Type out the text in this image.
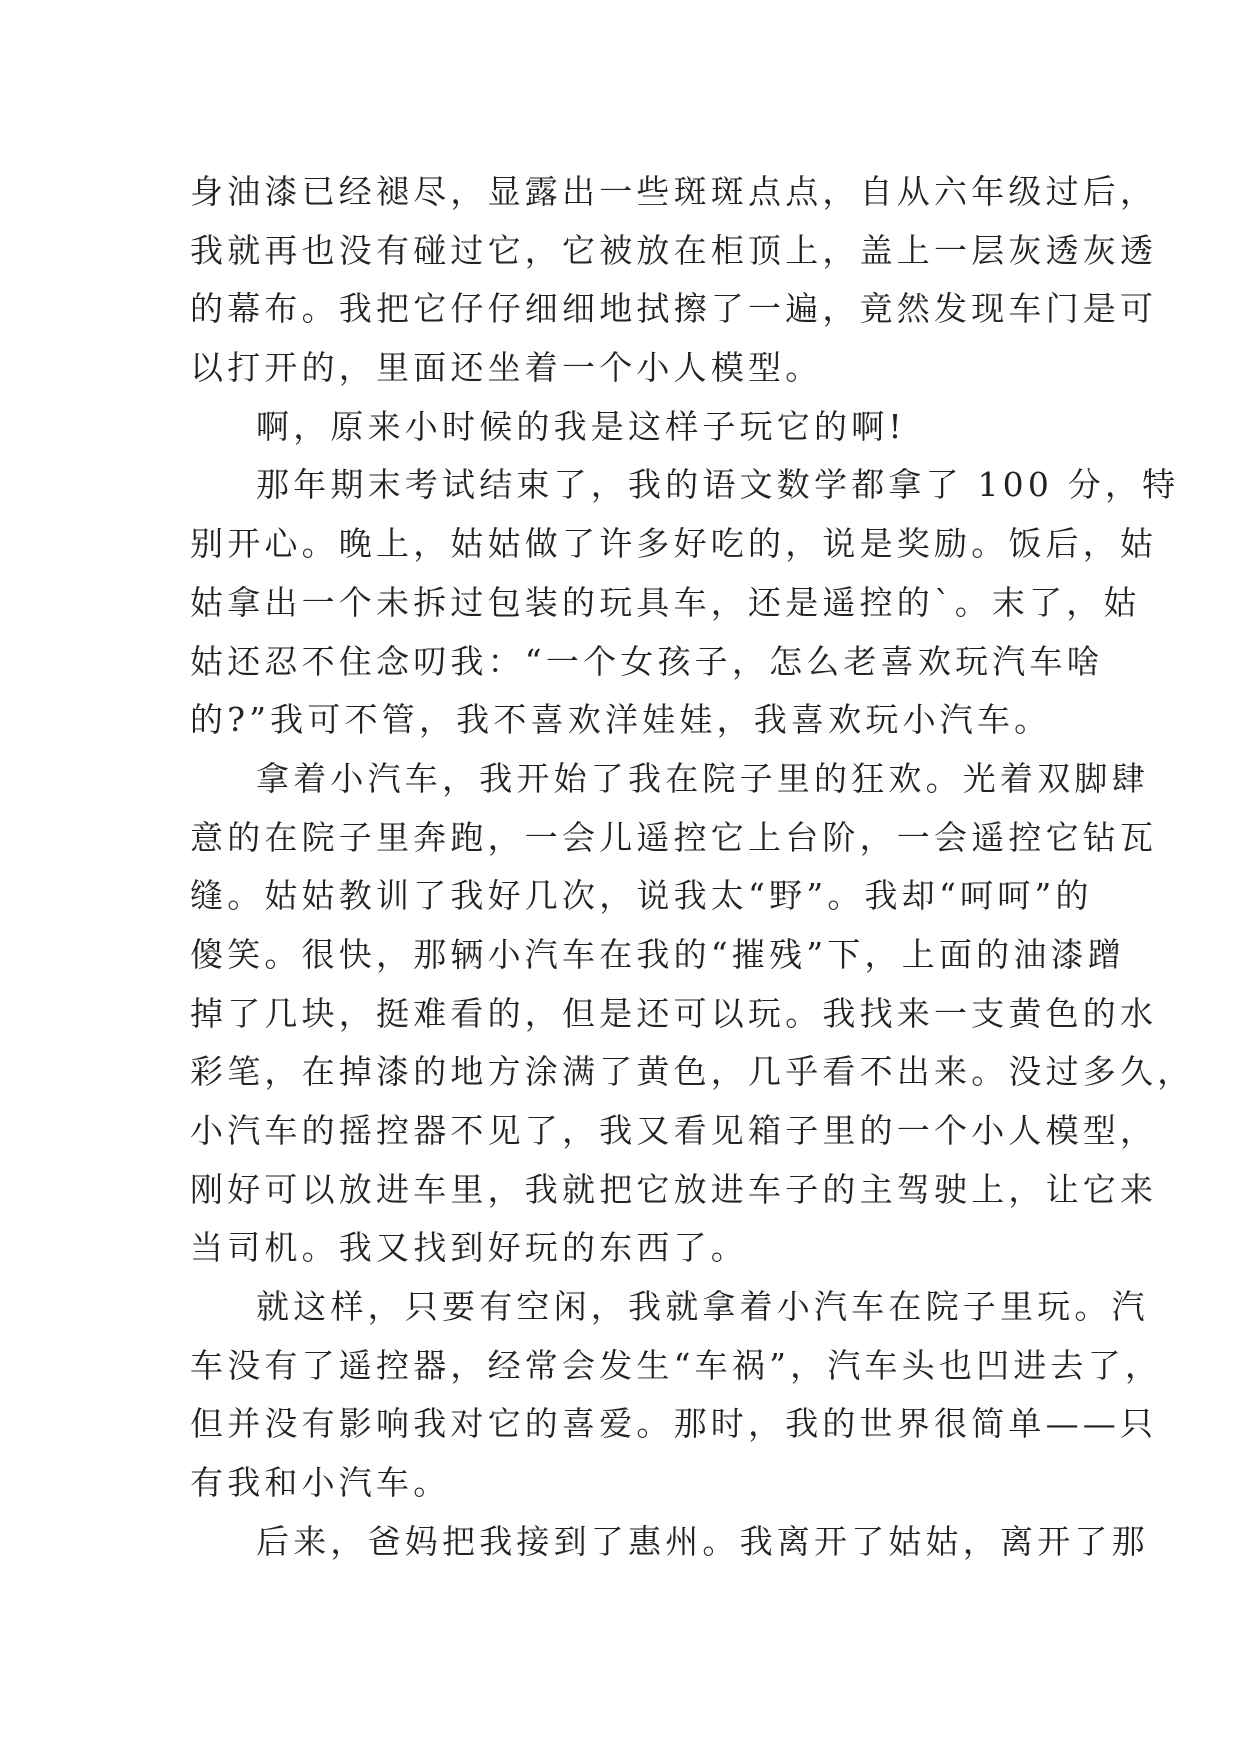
身油漆已经褪尽，显露出一些斑斑点点，自从六年级过后，
我就再也没有碰过它，它被放在柜顶上，盖上一层灰透灰透
的幕布。我把它仔仔细细地拭擦了一遍，竟然发现车门是可
以打开的，里面还坐着一个小人模型。
啊，原来小时候的我是这样子玩它的啊!
那年期末考试结束了，我的语文数学都拿了 100 分，特
别开心。晚上，姑姑做了许多好吃的，说是奖励。饭后，姑
姑拿出一个未拆过包装的玩具车，还是遥控的`。末了，姑
姑还忍不住念叨我：“一个女孩子，怎么老喜欢玩汽车啥
的?”我可不管，我不喜欢洋娃娃，我喜欢玩小汽车。
拿着小汽车，我开始了我在院子里的狂欢。光着双脚肆
意的在院子里奔跑，一会儿遥控它上台阶，一会遥控它钻瓦
缝。姑姑教训了我好几次，说我太“野”。我却“呵呵”的
傻笑。很快，那辆小汽车在我的“摧残”下，上面的油漆蹭
掉了几块，挺难看的，但是还可以玩。我找来一支黄色的水
彩笔，在掉漆的地方涂满了黄色，几乎看不出来。没过多久，
小汽车的摇控器不见了，我又看见箱子里的一个小人模型，
刚好可以放进车里，我就把它放进车子的主驾驶上，让它来
当司机。我又找到好玩的东西了。
就这样，只要有空闲，我就拿着小汽车在院子里玩。汽
车没有了遥控器，经常会发生“车祸”，汽车头也凹进去了，
但并没有影响我对它的喜爱。那时，我的世界很简单——只
有我和小汽车。
后来，爸妈把我接到了惠州。我离开了姑姑，离开了那
